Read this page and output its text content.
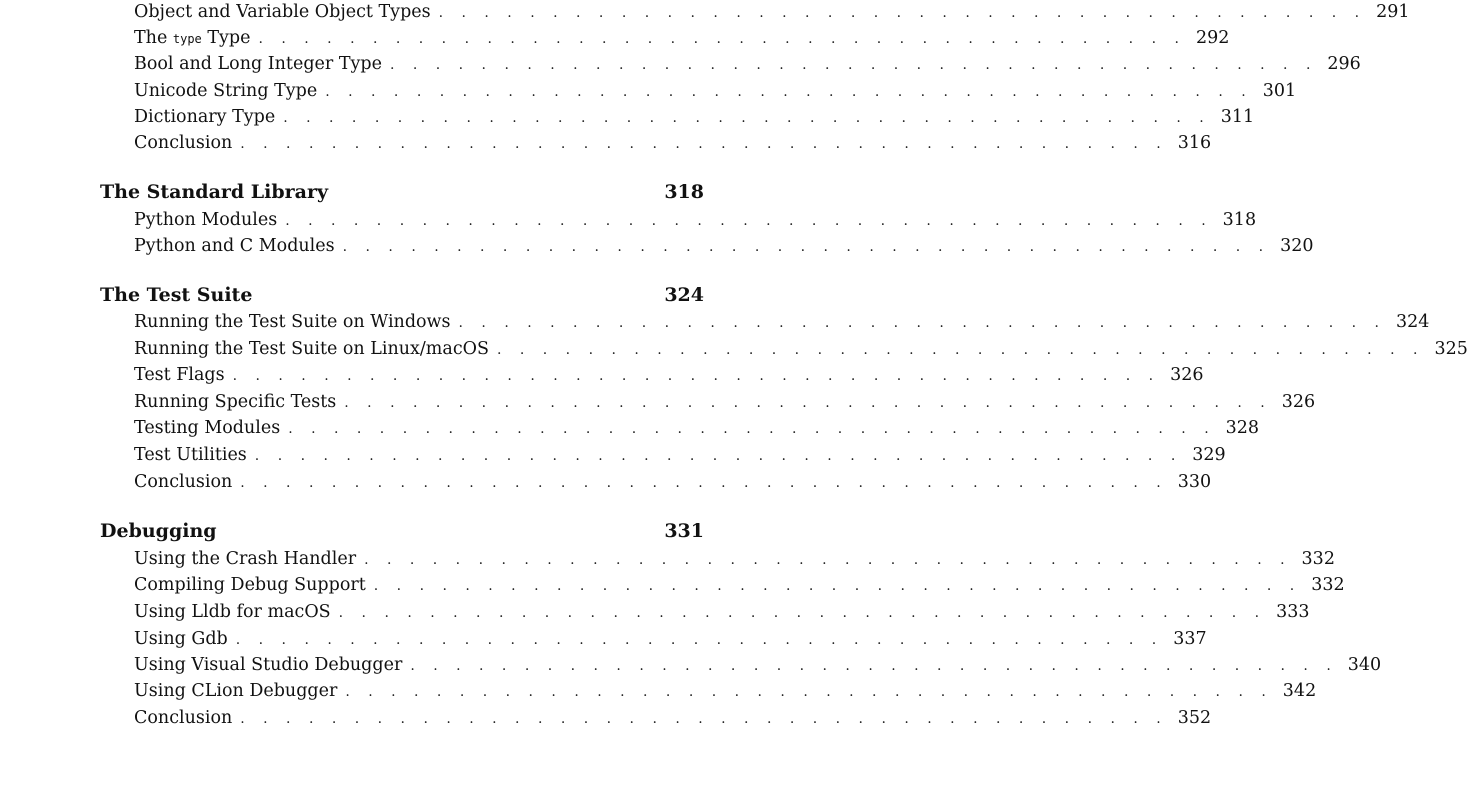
Object and Variable Object Types . . . . . . . . . . . . . . . . . . . . . . . . . . . . . . . . . . . . . . . . . 291
The type Type . . . . . . . . . . . . . . . . . . . . . . . . . . . . . . . . . . . . . . . . . 292
Bool and Long Integer Type . . . . . . . . . . . . . . . . . . . . . . . . . . . . . . . . . . . . . . . . . 296
Unicode String Type . . . . . . . . . . . . . . . . . . . . . . . . . . . . . . . . . . . . . . . . . 301
Dictionary Type . . . . . . . . . . . . . . . . . . . . . . . . . . . . . . . . . . . . . . . . . 311
Conclusion . . . . . . . . . . . . . . . . . . . . . . . . . . . . . . . . . . . . . . . . . 316
The Standard Library	318
Python Modules . . . . . . . . . . . . . . . . . . . . . . . . . . . . . . . . . . . . . . . . . 318
Python and C Modules . . . . . . . . . . . . . . . . . . . . . . . . . . . . . . . . . . . . . . . . . 320
The Test Suite	324
Running the Test Suite on Windows . . . . . . . . . . . . . . . . . . . . . . . . . . . . . . . . . . . . . . . . . 324
Running the Test Suite on Linux/macOS . . . . . . . . . . . . . . . . . . . . . . . . . . . . . . . . . . . . . . . . . 325
Test Flags . . . . . . . . . . . . . . . . . . . . . . . . . . . . . . . . . . . . . . . . . 326
Running Specific Tests . . . . . . . . . . . . . . . . . . . . . . . . . . . . . . . . . . . . . . . . . 326
Testing Modules . . . . . . . . . . . . . . . . . . . . . . . . . . . . . . . . . . . . . . . . . 328
Test Utilities . . . . . . . . . . . . . . . . . . . . . . . . . . . . . . . . . . . . . . . . . 329
Conclusion . . . . . . . . . . . . . . . . . . . . . . . . . . . . . . . . . . . . . . . . . 330
Debugging	331
Using the Crash Handler . . . . . . . . . . . . . . . . . . . . . . . . . . . . . . . . . . . . . . . . . 332
Compiling Debug Support . . . . . . . . . . . . . . . . . . . . . . . . . . . . . . . . . . . . . . . . . 332
Using Lldb for macOS . . . . . . . . . . . . . . . . . . . . . . . . . . . . . . . . . . . . . . . . . 333
Using Gdb . . . . . . . . . . . . . . . . . . . . . . . . . . . . . . . . . . . . . . . . . 337
Using Visual Studio Debugger . . . . . . . . . . . . . . . . . . . . . . . . . . . . . . . . . . . . . . . . . 340
Using CLion Debugger . . . . . . . . . . . . . . . . . . . . . . . . . . . . . . . . . . . . . . . . . 342
Conclusion . . . . . . . . . . . . . . . . . . . . . . . . . . . . . . . . . . . . . . . . . 352
